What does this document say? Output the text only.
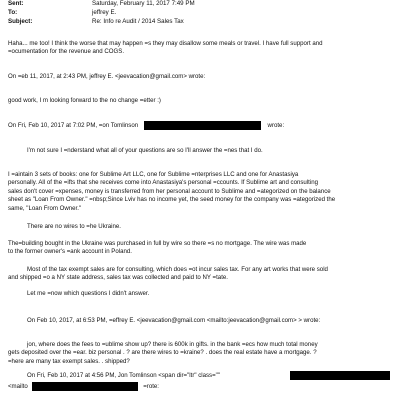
Sent:	Saturday, February 11, 2017 7:49 PM
To:	jeffrey E.
Subject:	Re: Info re Audit / 2014 Sales Tax
Haha... me too! I think the worse that may happen =s they may disallow some meals or travel. I have full support and
=ocumentation for the revenue and COGS.
On =eb 11, 2017, at 2:43 PM, jeffrey E. <jeevacation@gmail.com> wrote:
good work, I m looking forward to the no change =etter :)
On Fri, Feb 10, 2017 at 7:02 PM, =on Tomlinson	wrote:
I'm not sure I =nderstand what all of your questions are so I'll answer the =nes that I do.
I =aintain 3 sets of books: one for Sublime Art LLC, one for Sublime =nterprises LLC and one for Anastasiya
personally. All of the =ifts that she receives come into Anastasiya's personal =ccounts. If Sublime art and consulting
sales don't cover =xpenses, money is transferred from her personal account to Sublime and =ategorized on the balance
sheet as "Loan From Owner." =nbsp;Since Lviv has no income yet, the seed money for the company was =ategorized the
same, "Loan From Owner."
There are no wires to =he Ukraine.
The=building bought in the Ukraine was purchased in full by wire so there =s no mortgage. The wire was made
to the former owner's =ank account in Poland.
Most of the tax exempt sales are for consulting, which does =ot incur sales tax. For any art works that were sold
and shipped =o a NY state address, sales tax was collected and paid to NY =tate.
Let me =now which questions I didn't answer.
On Feb 10, 2017, at 6:53 PM, =effrey E. <jeevacation@gmail.com <mailto:jeevacation@gmail.com> > wrote:
jon, where does the fees to =ublime show up? there is 600k in gifts. in the bank =ecs how much total money
gets deposited over the =ear. biz personal . ? are there wires to =kraine? . does the real estate have a mortgage. ?
=here are many tax exempt sales. . shipped?
On Fri, Feb 10, 2017 at 4:56 PM, Jon Tomlinson <span dir="ltr" class=""
<mailto	=rote:
